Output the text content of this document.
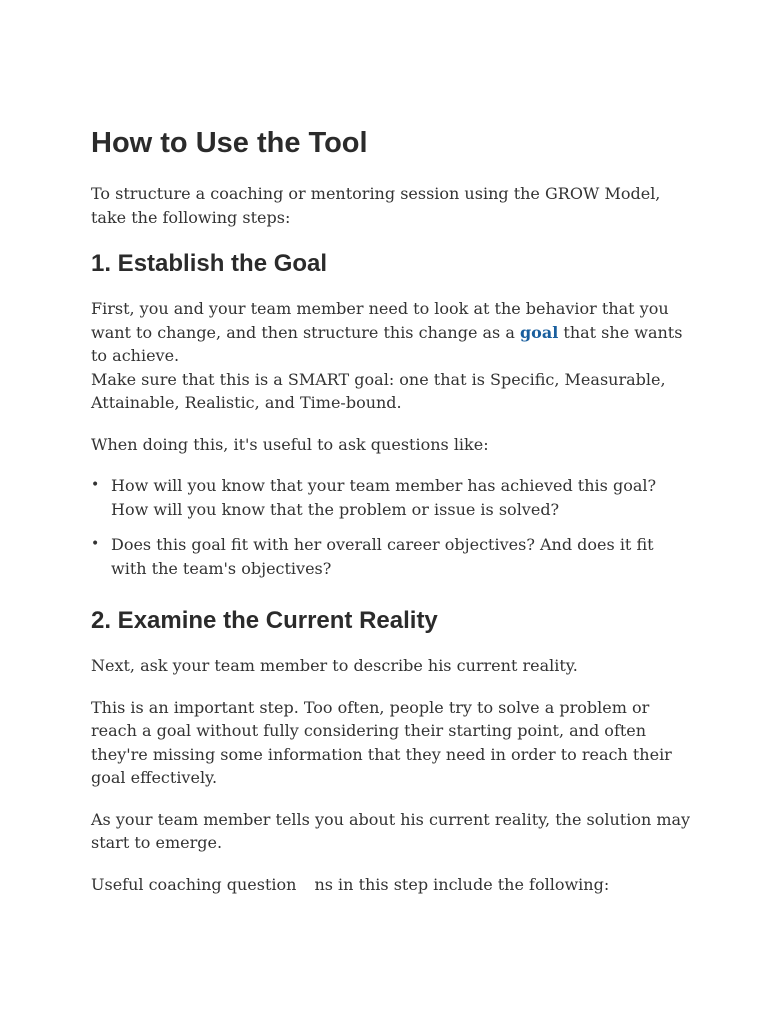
How to Use the Tool

To structure a coaching or mentoring session using the GROW Model, take the following steps:

1. Establish the Goal

First, you and your team member need to look at the behavior that you want to change, and then structure this change as a goal that she wants to achieve.
Make sure that this is a SMART goal: one that is Specific, Measurable, Attainable, Realistic, and Time-bound.

When doing this, it's useful to ask questions like:

• How will you know that your team member has achieved this goal? How will you know that the problem or issue is solved?
• Does this goal fit with her overall career objectives? And does it fit with the team's objectives?
2. Examine the Current Reality

Next, ask your team member to describe his current reality.

This is an important step. Too often, people try to solve a problem or reach a goal without fully considering their starting point, and often they're missing some information that they need in order to reach their goal effectively.

As your team member tells you about his current reality, the solution may start to emerge.

Useful coaching question ns in this step include the following:
